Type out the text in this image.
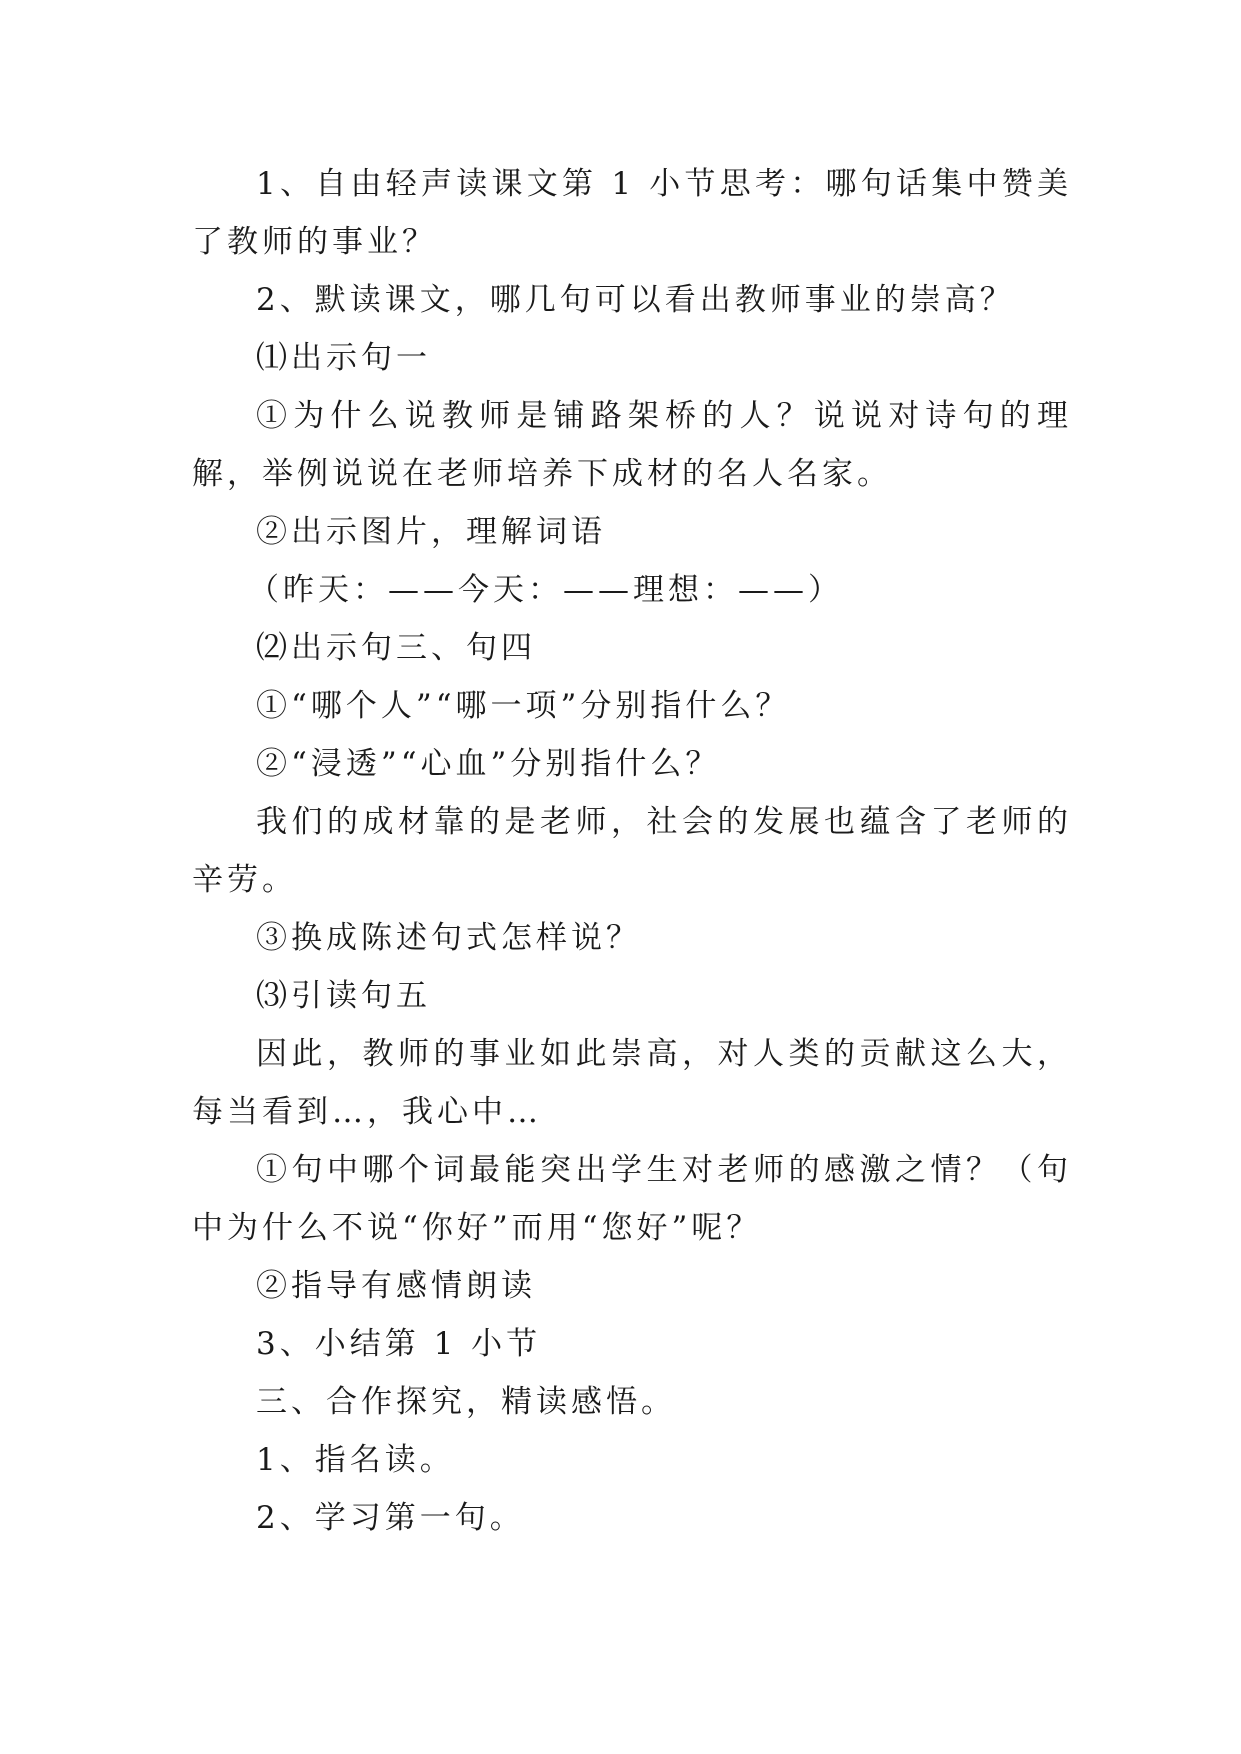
1、自由轻声读课文第 1 小节思考：哪句话集中赞美了教师的事业？

2、默读课文，哪几句可以看出教师事业的崇高？

⑴出示句一

①为什么说教师是铺路架桥的人？说说对诗句的理解，举例说说在老师培养下成材的名人名家。

②出示图片，理解词语

（昨天：——今天：——理想：——）

⑵出示句三、句四

①“哪个人”“哪一项”分别指什么？

②“浸透”“心血”分别指什么？

我们的成材靠的是老师，社会的发展也蕴含了老师的辛劳。

③换成陈述句式怎样说？

⑶引读句五

因此，教师的事业如此崇高，对人类的贡献这么大，每当看到…，我心中…

①句中哪个词最能突出学生对老师的感激之情？（句中为什么不说“你好”而用“您好”呢？

②指导有感情朗读

3、小结第 1 小节

三、合作探究，精读感悟。

1、指名读。

2、学习第一句。
